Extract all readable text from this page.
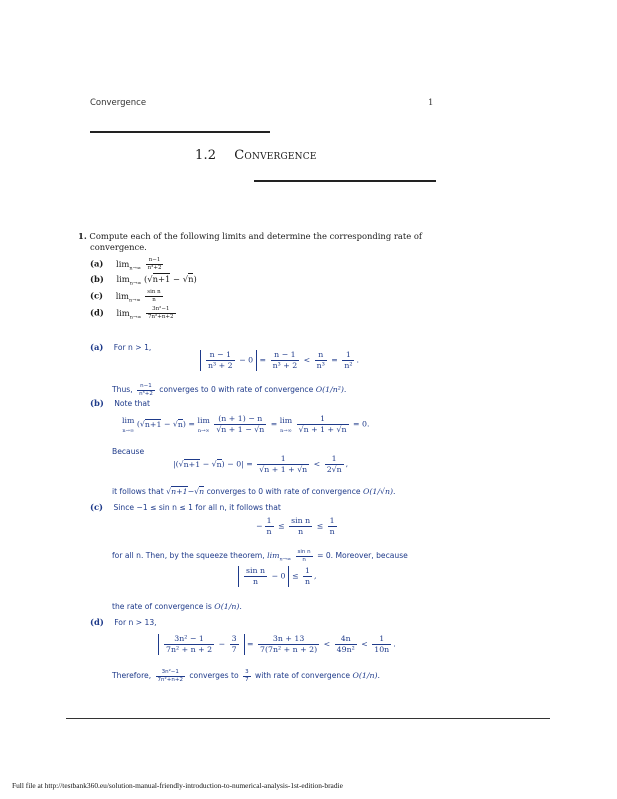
Convergence	1
1.2 Convergence
1. Compute each of the following limits and determine the corresponding rate of
convergence.
(a) $\lim_{n\to\infty} \frac{n-1}{\text{n³+2}}$
(b) $\lim_{n\to\infty} (√n+1 - √n)$
(c) $\lim_{n\to\infty} \frac{\text{sin n}}{n}$
(d) $\lim_{n\to\infty} \frac{\text{3n²−1}}{\text{7n²+n+2}}$
(a) For n > 1,
$\frac{n - 1}{\text{n³ + 2}} - 0 = \frac{n - 1}{\text{n³ + 2}} < \frac{n}{\text{n³}} = \frac{1}{\text{n²}}$ .
Thus, $\frac{n-1}{\text{n³+2}}$ converges to 0 with rate of convergence O(1/n²).
(b) Note that
lim
n→∞ (√n+1 − √n) = lim
$n\to\infty \frac{(n + 1) - n}{√n + 1 - √n} = \lim$
$n\to\infty \frac{1}{√n + 1 + √n} = 0$.
Because
$|(√n+1 - √n) - 0| = \frac{1}{√n + 1 + √n} < \frac{1}{2√n}$ ,
it follows that √n+1−√n converges to 0 with rate of convergence O(1/√n).
(c) Since −1 ≤ sin n ≤ 1 for all n, it follows that
− $\frac{1}{n} \le \frac{\text{sin n}}{n} \le \frac{1}{n}$
for all n. Then, by the squeeze theorem, $\lim_{n\to\infty} \frac{\text{sin n}}{n} = 0$. Moreover, because
$\frac{\text{sin n}}{n} - 0 \le \frac{1}{n}$ ,
the rate of convergence is O(1/n).
(d) For n > 13,
$\frac{\text{3n² − 1}}{\text{7n² + n + 2}} - \frac{3}{7} = \frac{3n + 13}{\text{7(7n² + n + 2)}} < \frac{4n}{\text{49n²}} < \frac{1}{10n}$ .
Therefore, $\frac{\text{3n²−1}}{\text{7n²+n+2}}$ converges to $\frac{3}{7}$ with rate of convergence O(1/n).
Full file at http://testbank360.eu/solution-manual-friendly-introduction-to-numerical-analysis-1st-edition-bradie
